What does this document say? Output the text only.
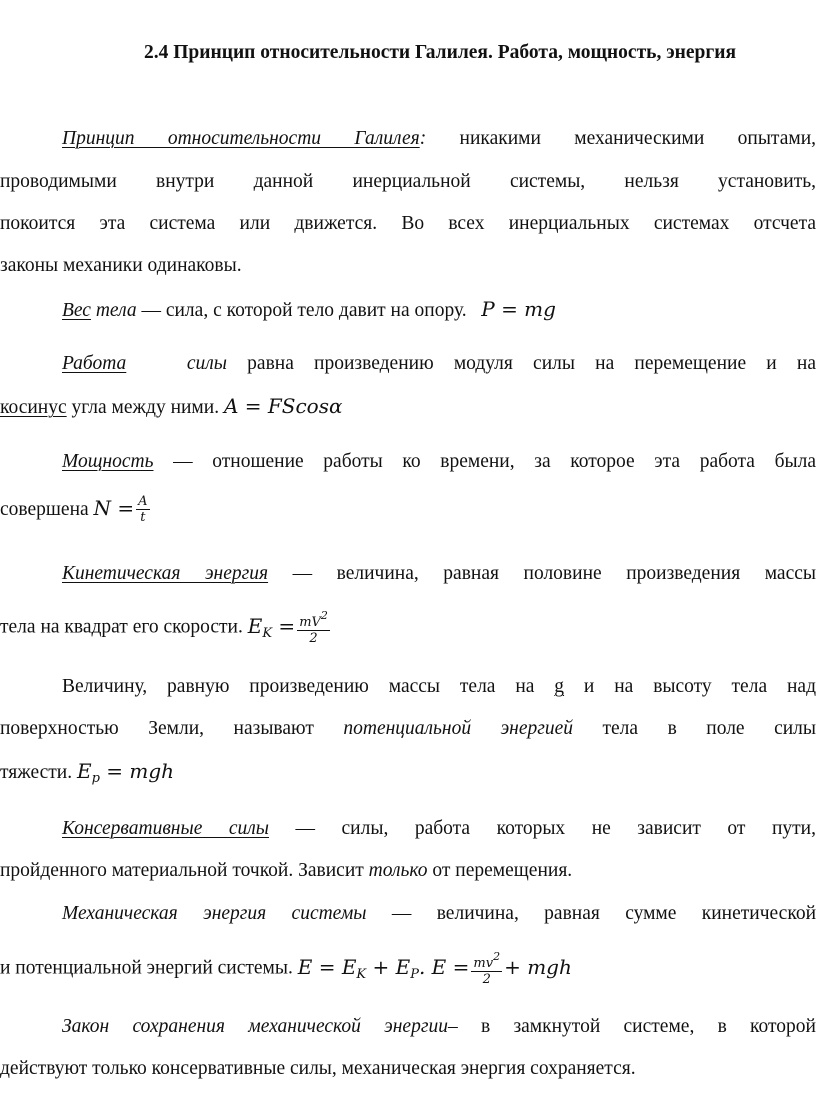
2.4 Принцип относительности Галилея. Работа, мощность, энергия
Принцип относительности Галилея: никакими механическими опытами,
проводимыми внутри данной инерциальной системы, нельзя установить,
покоится эта система или движется. Во всех инерциальных системах отсчета
законы механики одинаковы.
Вес тела — сила, с которой тело давит на опору. P = mg
Работа	силы равна произведению модуля силы на перемещение и на
косинус угла между ними. A = FScosα
Мощность — отношение работы ко времени, за которое эта работа была
совершена $N = \frac{A}{t}$
Кинетическая энергия — величина, равная половине произведения массы
тела на квадрат его скорости. $E_K = \frac{mV^2}{2}$
Величину, равную произведению массы тела на g и на высоту тела над
поверхностью Земли, называют потенциальной энергией тела в поле силы
тяжести. $E_p$ = mgh
Консервативные силы — силы, работа которых не зависит от пути,
пройденного материальной точкой. Зависит только от перемещения.
Механическая энергия системы — величина, равная сумме кинетической
и потенциальной энергий системы. $E = E_K + E_P$. $E = \frac{mv^2}{2}$ + mgh
Закон сохранения механической энергии– в замкнутой системе, в которой
действуют только консервативные силы, механическая энергия сохраняется.
